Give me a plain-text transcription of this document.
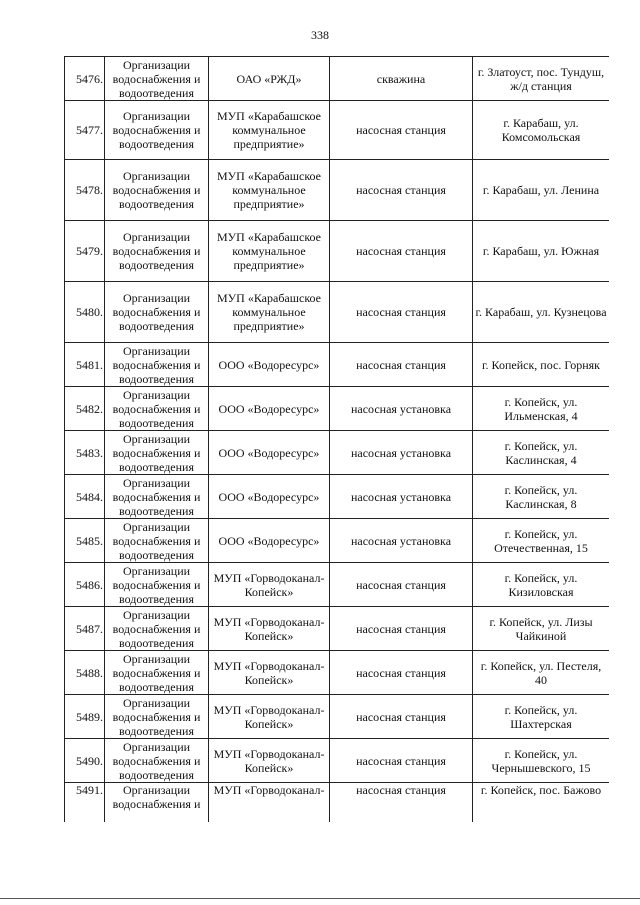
338
5476.	Организации водоснабжения и водоотведения	ОАО «РЖД»	скважина	г. Златоуст, пос. Тундуш, ж/д станция
5477.	Организации водоснабжения и водоотведения	МУП «Карабашское коммунальное предприятие»	насосная станция	г. Карабаш, ул. Комсомольская
5478.	Организации водоснабжения и водоотведения	МУП «Карабашское коммунальное предприятие»	насосная станция	г. Карабаш, ул. Ленина
5479.	Организации водоснабжения и водоотведения	МУП «Карабашское коммунальное предприятие»	насосная станция	г. Карабаш, ул. Южная
5480.	Организации водоснабжения и водоотведения	МУП «Карабашское коммунальное предприятие»	насосная станция	г. Карабаш, ул. Кузнецова
5481.	Организации водоснабжения и водоотведения	ООО «Водоресурс»	насосная станция	г. Копейск, пос. Горняк
5482.	Организации водоснабжения и водоотведения	ООО «Водоресурс»	насосная установка	г. Копейск, ул. Ильменская, 4
5483.	Организации водоснабжения и водоотведения	ООО «Водоресурс»	насосная установка	г. Копейск, ул. Каслинская, 4
5484.	Организации водоснабжения и водоотведения	ООО «Водоресурс»	насосная установка	г. Копейск, ул. Каслинская, 8
5485.	Организации водоснабжения и водоотведения	ООО «Водоресурс»	насосная установка	г. Копейск, ул. Отечественная, 15
5486.	Организации водоснабжения и водоотведения	МУП «Горводоканал-Копейск»	насосная станция	г. Копейск, ул. Кизиловская
5487.	Организации водоснабжения и водоотведения	МУП «Горводоканал-Копейск»	насосная станция	г. Копейск, ул. Лизы Чайкиной
5488.	Организации водоснабжения и водоотведения	МУП «Горводоканал-Копейск»	насосная станция	г. Копейск, ул. Пестеля, 40
5489.	Организации водоснабжения и водоотведения	МУП «Горводоканал-Копейск»	насосная станция	г. Копейск, ул. Шахтерская
5490.	Организации водоснабжения и водоотведения	МУП «Горводоканал-Копейск»	насосная станция	г. Копейск, ул. Чернышевского, 15
5491.	Организации водоснабжения и	МУП «Горводоканал-	насосная станция	г. Копейск, пос. Бажово
